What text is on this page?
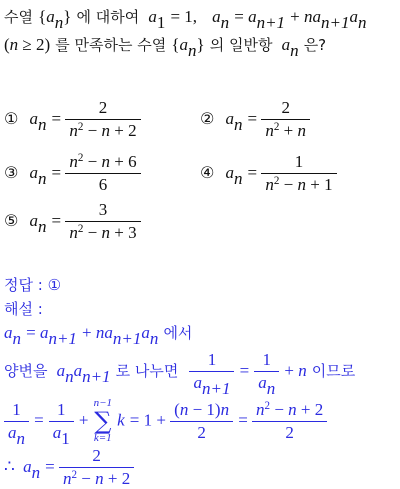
수열 $\{a_n\}$ 에 대하여 $a_1 = 1$, $a_n = a_{n+1} + na_{n+1}a_n$
(n ≥ 2) 를 만족하는 수열 $\{a_n\}$ 의 일반항 $a_n$ 은?
① $a_n = \frac{2}{n^2 - n + 2}$	② $a_n = \frac{2}{n^2 + n}$
③ $a_n = \frac{n^2 - n + 6}{6}$	④ $a_n = \frac{1}{n^2 - n + 1}$
⑤ $a_n = \frac{3}{n^2 - n + 3}$
정답 : ①
해설 :
$a_n = a_{n+1} + na_{n+1}a_n$ 에서
양변을 $a_na_{n+1}$ 로 나누면 $\frac{1}{a_{n+1}} = \frac{1}{a_n} + n$ 이므로
$\frac{1}{a_n} = \frac{1}{a_1}$ +
n−1
∑
k=1
$k = 1 + \frac{(n - 1)n}{2} = \frac{n^2 - n + 2}{2}$
∴ $a_n = \frac{2}{n^2 - n + 2}$
